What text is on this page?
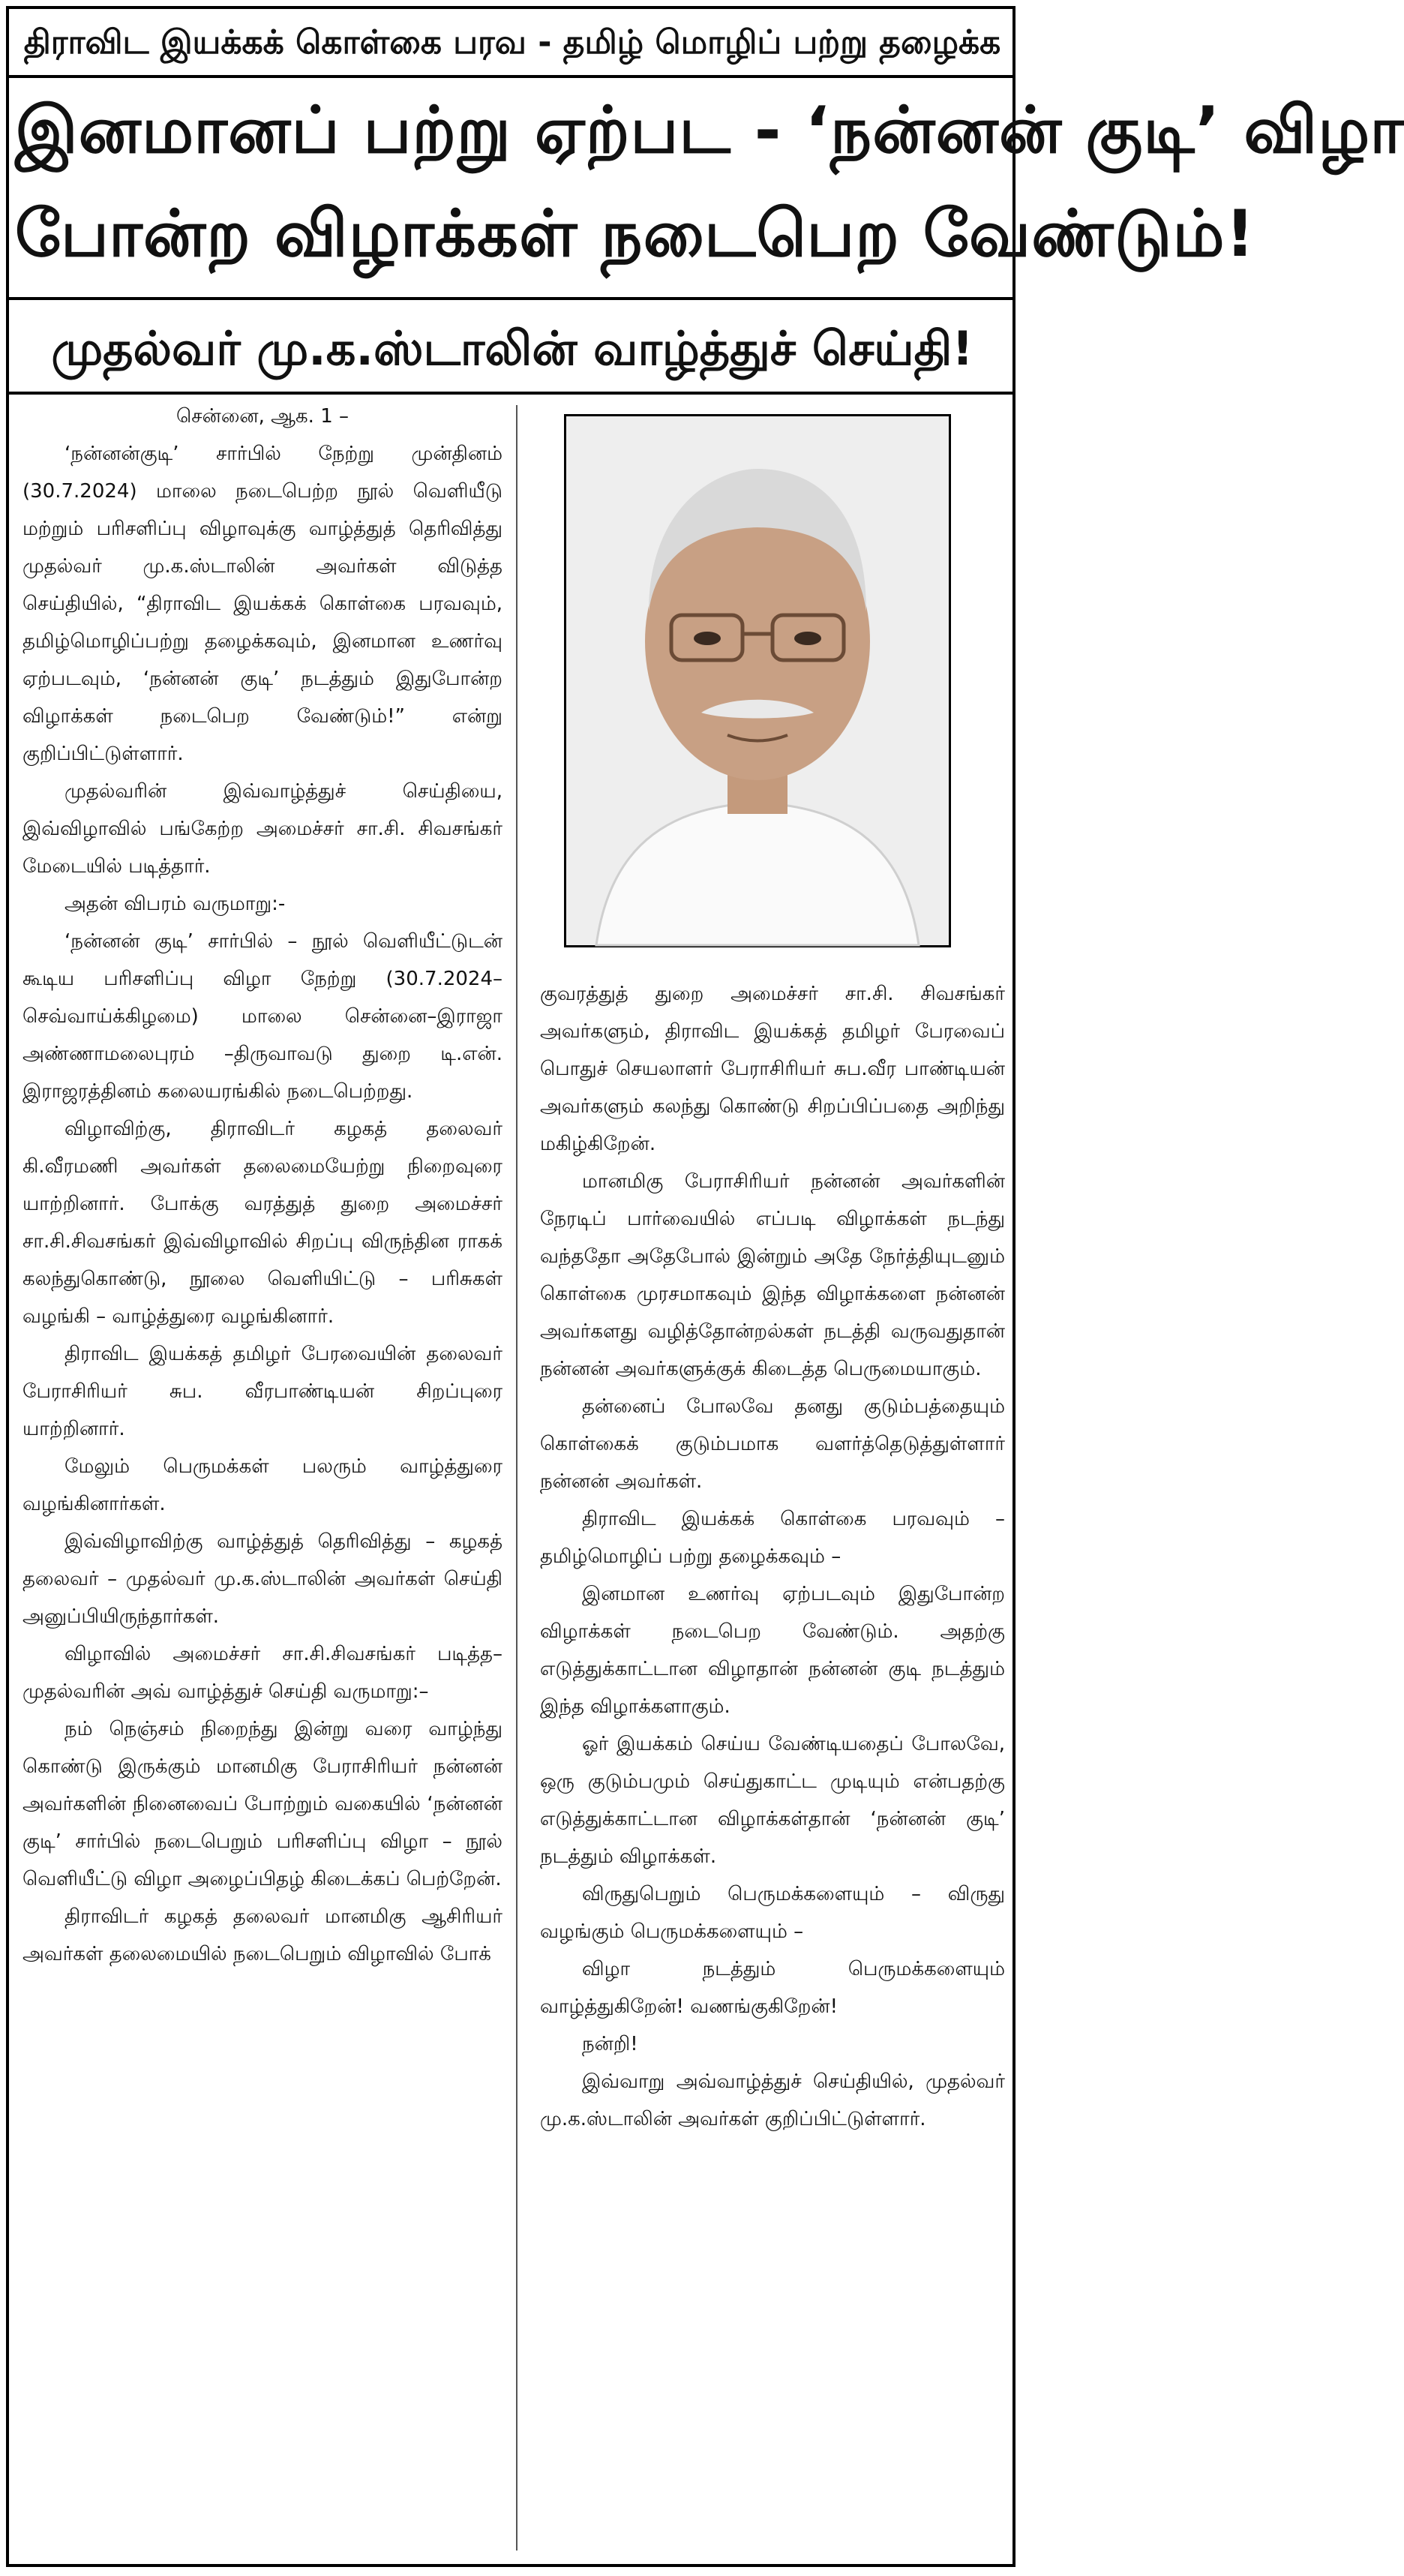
திராவிட இயக்கக் கொள்கை பரவ - தமிழ் மொழிப் பற்று தழைக்க
இனமானப் பற்று ஏற்பட - ‘நன்னன் குடி’ விழா
போன்ற விழாக்கள் நடைபெற வேண்டும்!
முதல்வர் மு.க.ஸ்டாலின் வாழ்த்துச் செய்தி!

சென்னை, ஆக. 1 –

‘நன்னன்குடி’ சார்பில் நேற்று முன்தினம் (30.7.2024) மாலை நடைபெற்ற நூல் வெளியீடு மற்றும் பரிசளிப்பு விழாவுக்கு வாழ்த்துத் தெரிவித்து முதல்வர் மு.க.ஸ்டாலின் அவர்கள் விடுத்த செய்தியில், “திராவிட இயக்கக் கொள்கை பரவவும், தமிழ்மொழிப்பற்று தழைக்கவும், இனமான உணர்வு ஏற்படவும், ‘நன்னன் குடி’ நடத்தும் இதுபோன்ற விழாக்கள் நடைபெற வேண்டும்!” என்று குறிப்பிட்டுள்ளார்.

முதல்வரின் இவ்வாழ்த்துச் செய்தியை, இவ்விழாவில் பங்கேற்ற அமைச்சர் சா.சி. சிவசங்கர் மேடையில் படித்தார்.

அதன் விபரம் வருமாறு:-

‘நன்னன் குடி’ சார்பில் – நூல் வெளியீட்டுடன் கூடிய பரிசளிப்பு விழா நேற்று (30.7.2024–செவ்வாய்க்கிழமை) மாலை சென்னை–இராஜா அண்ணாமலைபுரம் –திருவாவடு துறை டி.என். இராஜரத்தினம் கலையரங்கில் நடைபெற்றது.

விழாவிற்கு, திராவிடர் கழகத் தலைவர் கி.வீரமணி அவர்கள் தலைமையேற்று நிறைவுரை யாற்றினார். போக்கு வரத்துத் துறை அமைச்சர் சா.சி.சிவசங்கர் இவ்விழாவில் சிறப்பு விருந்தின ராகக் கலந்துகொண்டு, நூலை வெளியிட்டு – பரிசுகள் வழங்கி – வாழ்த்துரை வழங்கினார்.

திராவிட இயக்கத் தமிழர் பேரவையின் தலைவர் பேராசிரியர் சுப. வீரபாண்டியன் சிறப்புரை யாற்றினார்.

மேலும் பெருமக்கள் பலரும் வாழ்த்துரை வழங்கினார்கள்.

இவ்விழாவிற்கு வாழ்த்துத் தெரிவித்து – கழகத் தலைவர் – முதல்வர் மு.க.ஸ்டாலின் அவர்கள் செய்தி அனுப்பியிருந்தார்கள்.

விழாவில் அமைச்சர் சா.சி.சிவசங்கர் படித்த– முதல்வரின் அவ் வாழ்த்துச் செய்தி வருமாறு:–

நம் நெஞ்சம் நிறைந்து இன்று வரை வாழ்ந்து கொண்டு இருக்கும் மானமிகு பேராசிரியர் நன்னன் அவர்களின் நினைவைப் போற்றும் வகையில் ‘நன்னன் குடி’ சார்பில் நடைபெறும் பரிசளிப்பு விழா – நூல் வெளியீட்டு விழா அழைப்பிதழ் கிடைக்கப் பெற்றேன்.

திராவிடர் கழகத் தலைவர் மானமிகு ஆசிரியர் அவர்கள் தலைமையில் நடைபெறும் விழாவில் போக்

குவரத்துத் துறை அமைச்சர் சா.சி. சிவசங்கர் அவர்களும், திராவிட இயக்கத் தமிழர் பேரவைப் பொதுச் செயலாளர் பேராசிரியர் சுப.வீர பாண்டியன் அவர்களும் கலந்து கொண்டு சிறப்பிப்பதை அறிந்து மகிழ்கிறேன்.

மானமிகு பேராசிரியர் நன்னன் அவர்களின் நேரடிப் பார்வையில் எப்படி விழாக்கள் நடந்து வந்ததோ அதேபோல் இன்றும் அதே நேர்த்தியுடனும் கொள்கை முரசமாகவும் இந்த விழாக்களை நன்னன் அவர்களது வழித்தோன்றல்கள் நடத்தி வருவதுதான் நன்னன் அவர்களுக்குக் கிடைத்த பெருமையாகும்.

தன்னைப் போலவே தனது குடும்பத்தையும் கொள்கைக் குடும்பமாக வளர்த்தெடுத்துள்ளார் நன்னன் அவர்கள்.

திராவிட இயக்கக் கொள்கை பரவவும் – தமிழ்மொழிப் பற்று தழைக்கவும் –

இனமான உணர்வு ஏற்படவும் இதுபோன்ற விழாக்கள் நடைபெற வேண்டும். அதற்கு எடுத்துக்காட்டான விழாதான் நன்னன் குடி நடத்தும் இந்த விழாக்களாகும்.

ஓர் இயக்கம் செய்ய வேண்டியதைப் போலவே, ஒரு குடும்பமும் செய்துகாட்ட முடியும் என்பதற்கு எடுத்துக்காட்டான விழாக்கள்தான் ‘நன்னன் குடி’ நடத்தும் விழாக்கள்.

விருதுபெறும் பெருமக்களையும் – விருது வழங்கும் பெருமக்களையும் –

விழா நடத்தும் பெருமக்களையும் வாழ்த்துகிறேன்! வணங்குகிறேன்!

நன்றி!

இவ்வாறு அவ்வாழ்த்துச் செய்தியில், முதல்வர் மு.க.ஸ்டாலின் அவர்கள் குறிப்பிட்டுள்ளார்.
